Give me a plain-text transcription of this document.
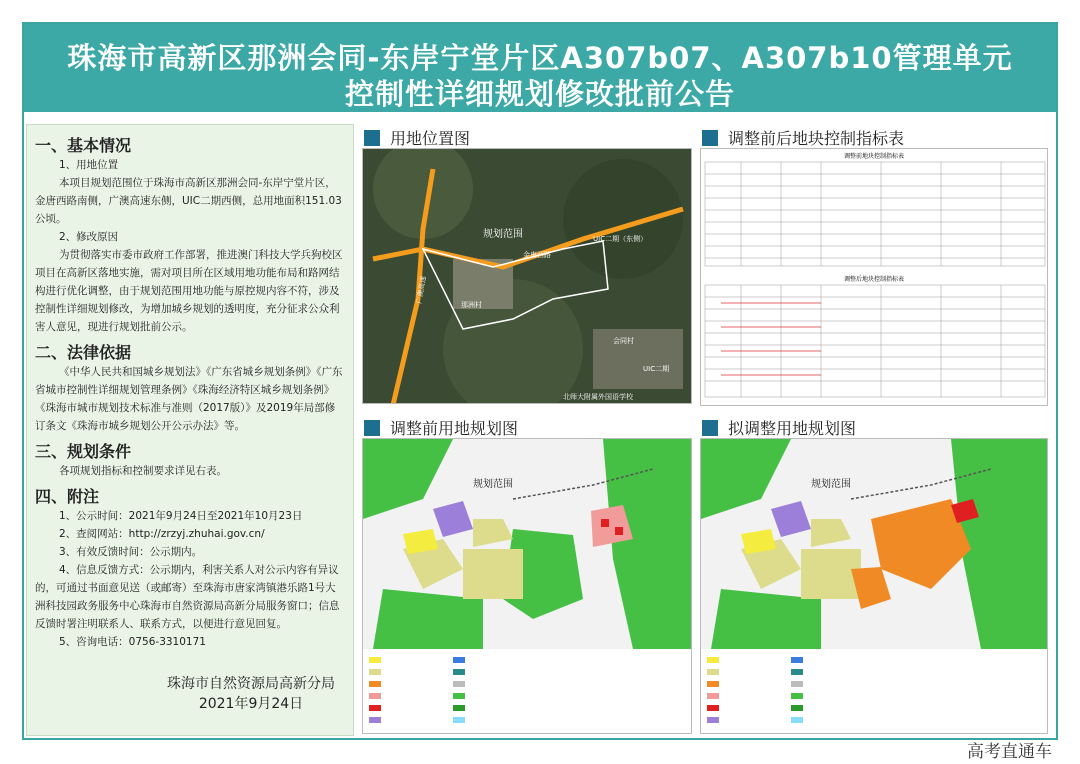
珠海市高新区那洲会同-东岸宁堂片区A307b07、A307b10管理单元
控制性详细规划修改批前公告
一、基本情况
1、用地位置
本项目规划范围位于珠海市高新区那洲会同-东岸宁堂片区，金唐西路南侧，广澳高速东侧，UIC二期西侧，总用地面积151.03公顷。
2、修改原因
为贯彻落实市委市政府工作部署，推进澳门科技大学兵狗校区项目在高新区落地实施，需对项目所在区域用地功能布局和路网结构进行优化调整，由于规划范围用地功能与原控规内容不符，涉及控制性详细规划修改，为增加城乡规划的透明度，充分征求公众利害人意见，现进行规划批前公示。
二、法律依据
《中华人民共和国城乡规划法》《广东省城乡规划条例》《广东省城市控制性详细规划管理条例》《珠海经济特区城乡规划条例》《珠海市城市规划技术标准与准则（2017版）》及2019年局部修订条文《珠海市城乡规划公开公示办法》等。
三、规划条件
各项规划指标和控制要求详见右表。
四、附注
1、公示时间：2021年9月24日至2021年10月23日
2、查阅网站：http://zrzyj.zhuhai.gov.cn/
3、有效反馈时间：公示期内。
4、信息反馈方式：公示期内，利害关系人对公示内容有异议的，可通过书面意见送（或邮寄）至珠海市唐家湾镇港乐路1号大洲科技园政务服务中心珠海市自然资源局高新分局服务窗口；信息反馈时署注明联系人、联系方式，以便进行意见回复。
5、咨询电话：0756-3310171
珠海市自然资源局高新分局
2021年9月24日
用地位置图	调整前后地块控制指标表
调整前用地规划图	拟调整用地规划图
规划范围
金唐西路
UIC二期（东侧）
那洲村
会同村
UIC二期
北师大附属外国语学校
广澳高速
调整前地块控制指标表
调整后地块控制指标表
规划范围	规划范围
高考直通车
